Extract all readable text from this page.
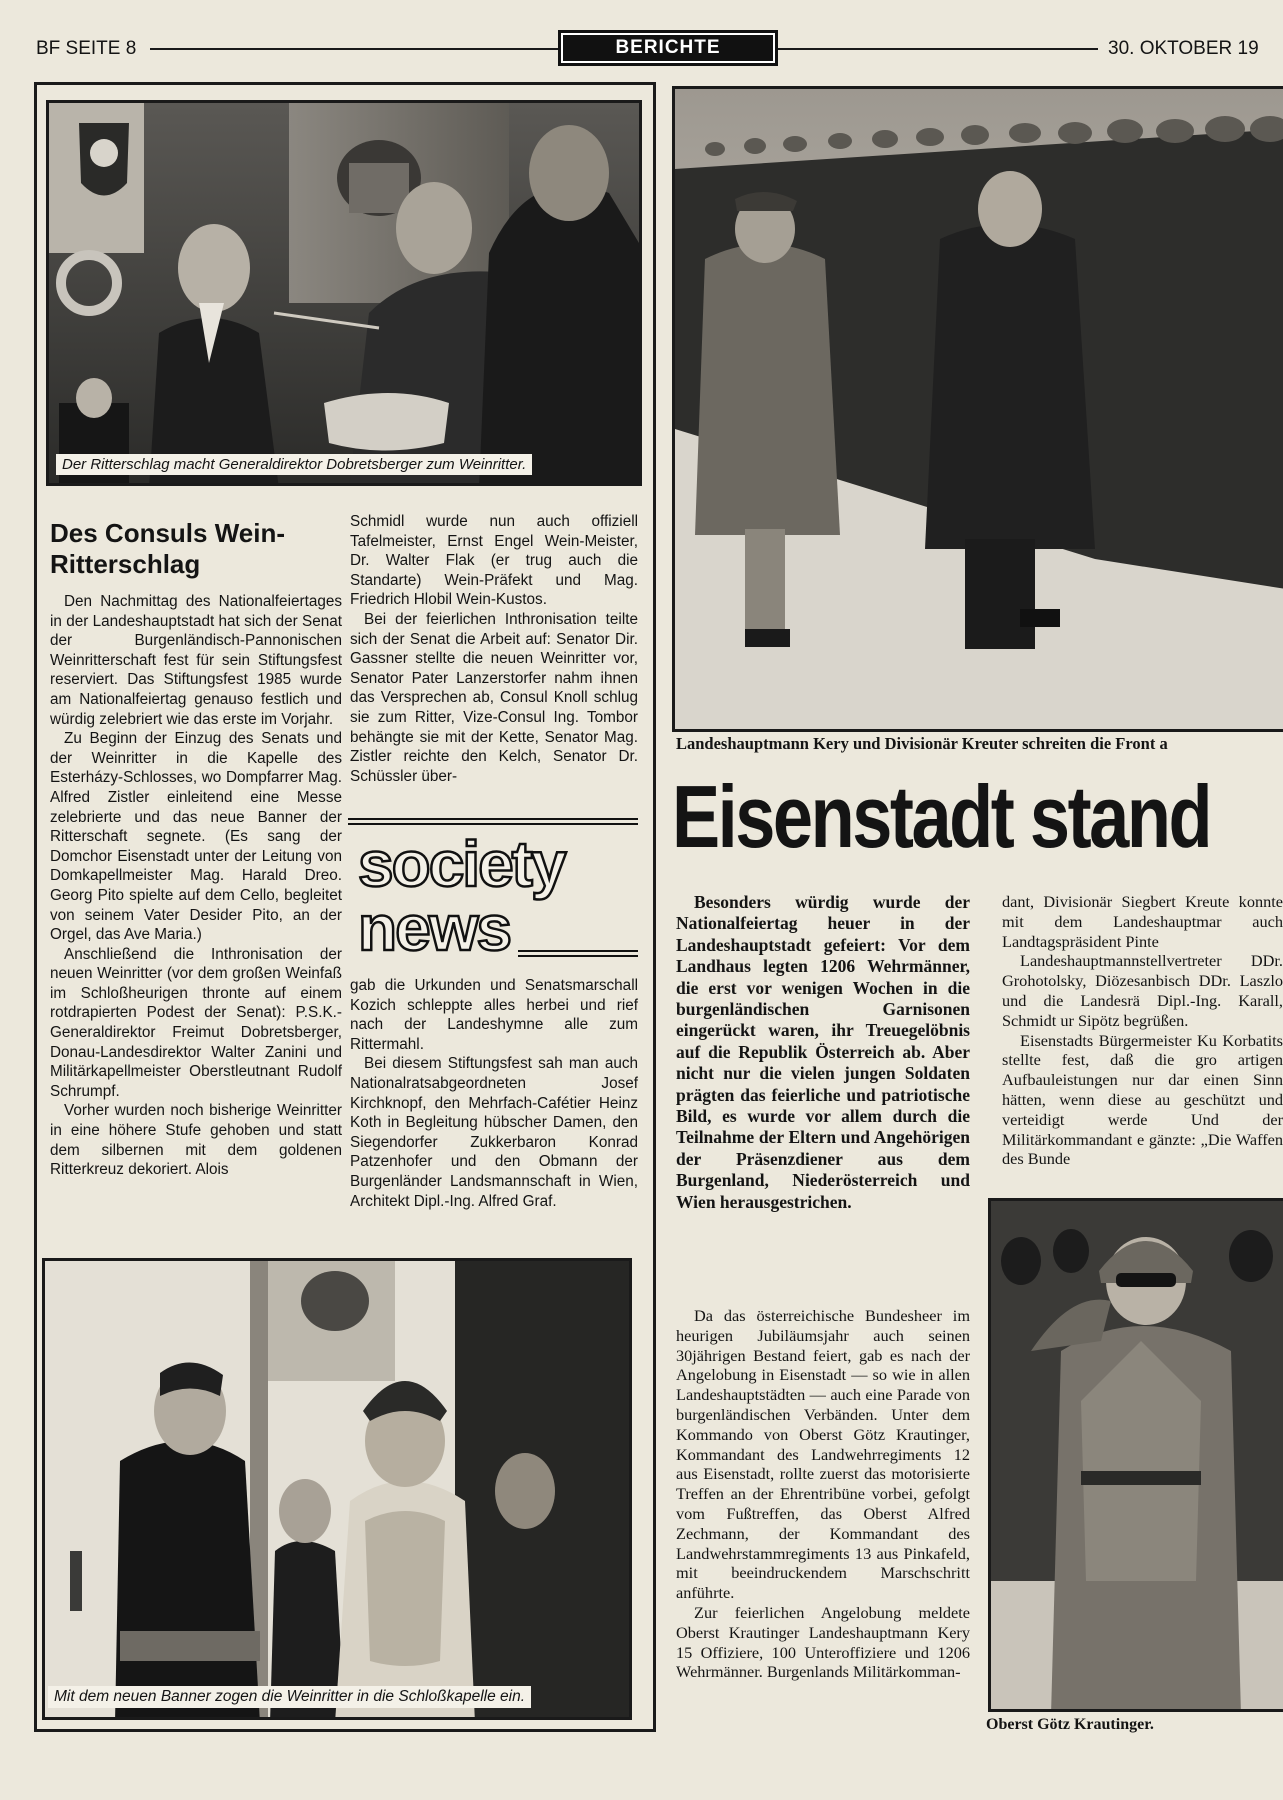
BF SEITE 8	BERICHTE	30. OKTOBER 19
Der Ritterschlag macht Generaldirektor Dobretsberger zum Weinritter.
Des Consuls Wein-Ritterschlag

Den Nachmittag des Nationalfeiertages in der Landeshauptstadt hat sich der Senat der Burgenländisch-Pannonischen Weinritterschaft fest für sein Stiftungsfest reserviert. Das Stiftungsfest 1985 wurde am Nationalfeiertag genauso festlich und würdig zelebriert wie das erste im Vorjahr.

Zu Beginn der Einzug des Senats und der Weinritter in die Kapelle des Esterházy-Schlosses, wo Dompfarrer Mag. Alfred Zistler einleitend eine Messe zelebrierte und das neue Banner der Ritterschaft segnete. (Es sang der Domchor Eisenstadt unter der Leitung von Domkapellmeister Mag. Harald Dreo. Georg Pito spielte auf dem Cello, begleitet von seinem Vater Desider Pito, an der Orgel, das Ave Maria.)

Anschließend die Inthronisation der neuen Weinritter (vor dem großen Weinfaß im Schloßheurigen thronte auf einem rotdrapierten Podest der Senat): P.S.K.-Generaldirektor Freimut Dobretsberger, Donau-Landesdirektor Walter Zanini und Militärkapellmeister Oberstleutnant Rudolf Schrumpf.

Vorher wurden noch bisherige Weinritter in eine höhere Stufe gehoben und statt dem silbernen mit dem goldenen Ritterkreuz dekoriert. Alois

Schmidl wurde nun auch offiziell Tafelmeister, Ernst Engel Wein-Meister, Dr. Walter Flak (er trug auch die Standarte) Wein-Präfekt und Mag. Friedrich Hlobil Wein-Kustos.

Bei der feierlichen Inthronisation teilte sich der Senat die Arbeit auf: Senator Dir. Gassner stellte die neuen Weinritter vor, Senator Pater Lanzerstorfer nahm ihnen das Versprechen ab, Consul Knoll schlug sie zum Ritter, Vize-Consul Ing. Tombor behängte sie mit der Kette, Senator Mag. Zistler reichte den Kelch, Senator Dr. Schüssler über-

society
news

gab die Urkunden und Senatsmarschall Kozich schleppte alles herbei und rief nach der Landeshymne alle zum Rittermahl.

Bei diesem Stiftungsfest sah man auch Nationalratsabgeordneten Josef Kirchknopf, den Mehrfach-Cafétier Heinz Koth in Begleitung hübscher Damen, den Siegendorfer Zukkerbaron Konrad Patzenhofer und den Obmann der Burgenländer Landsmannschaft in Wien, Architekt Dipl.-Ing. Alfred Graf.

Mit dem neuen Banner zogen die Weinritter in die Schloßkapelle ein.
Landeshauptmann Kery und Divisionär Kreuter schreiten die Front a
Eisenstadt stand

Besonders würdig wurde der Nationalfeiertag heuer in der Landeshauptstadt gefeiert: Vor dem Landhaus legten 1206 Wehrmänner, die erst vor wenigen Wochen in die burgenländischen Garnisonen eingerückt waren, ihr Treuegelöbnis auf die Republik Österreich ab. Aber nicht nur die vielen jungen Soldaten prägten das feierliche und patriotische Bild, es wurde vor allem durch die Teilnahme der Eltern und Angehörigen der Präsenzdiener aus dem Burgenland, Niederösterreich und Wien herausgestrichen.

Da das österreichische Bundesheer im heurigen Jubiläumsjahr auch seinen 30jährigen Bestand feiert, gab es nach der Angelobung in Eisenstadt — so wie in allen Landeshauptstädten — auch eine Parade von burgenländischen Verbänden. Unter dem Kommando von Oberst Götz Krautinger, Kommandant des Landwehrregiments 12 aus Eisenstadt, rollte zuerst das motorisierte Treffen an der Ehrentribüne vorbei, gefolgt vom Fußtreffen, das Oberst Alfred Zechmann, der Kommandant des Landwehrstammregiments 13 aus Pinkafeld, mit beeindruckendem Marschschritt anführte.

Zur feierlichen Angelobung meldete Oberst Krautinger Landeshauptmann Kery 15 Offiziere, 100 Unteroffiziere und 1206 Wehrmänner. Burgenlands Militärkomman-

dant, Divisionär Siegbert Kreute konnte mit dem Landeshauptmar auch Landtagspräsident Pinte

Landeshauptmannstellvertreter DDr. Grohotolsky, Diözesanbisch DDr. Laszlo und die Landesrä Dipl.-Ing. Karall, Schmidt ur Sipötz begrüßen.

Eisenstadts Bürgermeister Ku Korbatits stellte fest, daß die gro artigen Aufbauleistungen nur dar einen Sinn hätten, wenn diese au geschützt und verteidigt werde Und der Militärkommandant e gänzte: „Die Waffen des Bunde

Oberst Götz Krautinger.
